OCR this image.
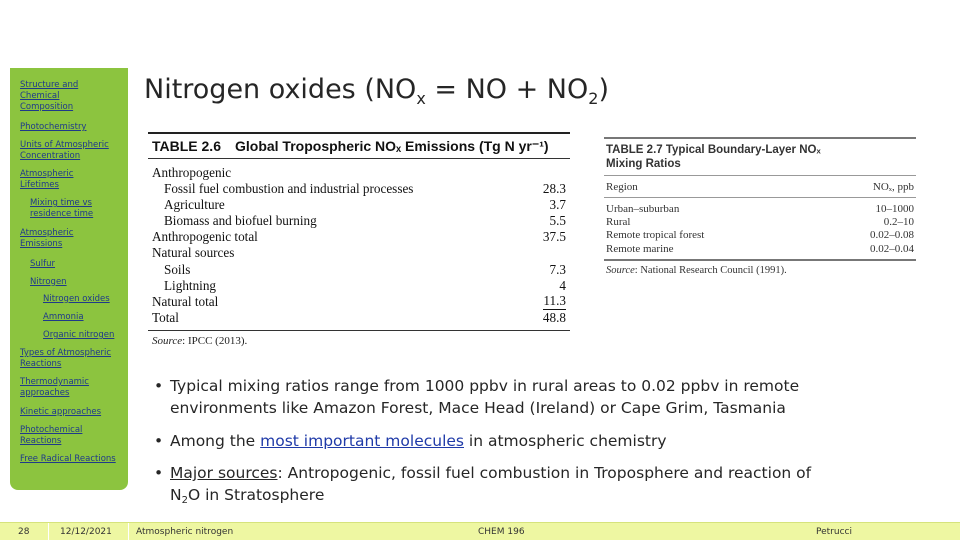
Structure and Chemical Composition
Photochemistry
Units of Atmospheric Concentration
Atmospheric Lifetimes
Mixing time vs residence time
Atmospheric Emissions
Sulfur
Nitrogen
Nitrogen oxides
Ammonia
Organic nitrogen
Types of Atmospheric Reactions
Thermodynamic approaches
Kinetic approaches
Photochemical Reactions
Free Radical Reactions
Nitrogen oxides ($NO_x$ = NO + $NO_2$)
TABLE 2.6 Global Tropospheric NOₓ Emissions (Tg N yr⁻¹)
Anthropogenic
Fossil fuel combustion and industrial processes	28.3
Agriculture	3.7
Biomass and biofuel burning	5.5
Anthropogenic total	37.5
Natural sources
Soils	7.3
Lightning	4
Natural total	11.3
Total	48.8
Source: IPCC (2013).
TABLE 2.7 Typical Boundary-Layer NOₓ
Mixing Ratios
Region	NOₓ, ppb
Urban–suburban	10–1000
Rural	0.2–10
Remote tropical forest	0.02–0.08
Remote marine	0.02–0.04
Source: National Research Council (1991).
• Typical mixing ratios range from 1000 ppbv in rural areas to 0.02 ppbv in remote environments like Amazon Forest, Mace Head (Ireland) or Cape Grim, Tasmania
• Among the most important molecules in atmospheric chemistry
• Major sources: Antropogenic, fossil fuel combustion in Troposphere and reaction of $N_2O$ in Stratosphere
28	12/12/2021	Atmospheric nitrogen	CHEM 196	Petrucci
